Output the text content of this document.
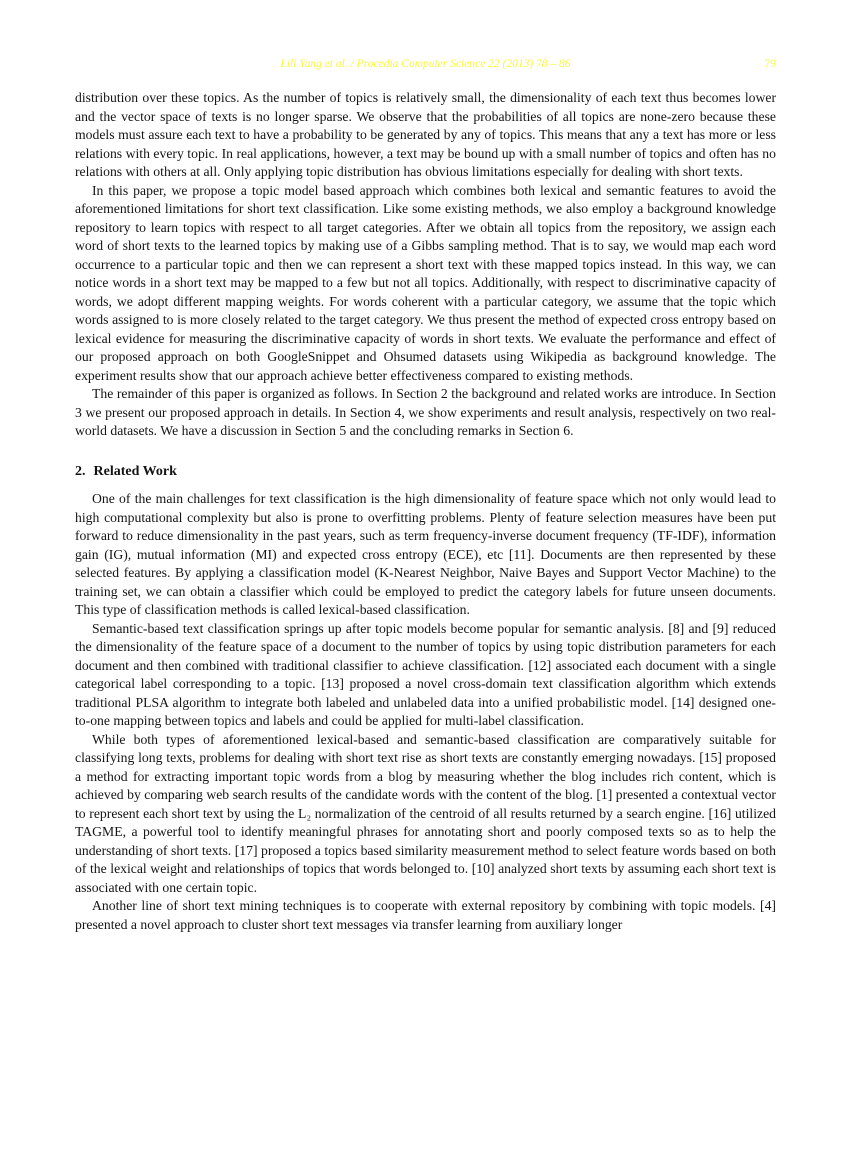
Lili Yang et al. / Procedia Computer Science 22 (2013) 78 – 86	79

distribution over these topics. As the number of topics is relatively small, the dimensionality of each text thus becomes lower and the vector space of texts is no longer sparse. We observe that the probabilities of all topics are none-zero because these models must assure each text to have a probability to be generated by any of topics. This means that any a text has more or less relations with every topic. In real applications, however, a text may be bound up with a small number of topics and often has no relations with others at all. Only applying topic distribution has obvious limitations especially for dealing with short texts.

In this paper, we propose a topic model based approach which combines both lexical and semantic features to avoid the aforementioned limitations for short text classification. Like some existing methods, we also employ a background knowledge repository to learn topics with respect to all target categories. After we obtain all topics from the repository, we assign each word of short texts to the learned topics by making use of a Gibbs sampling method. That is to say, we would map each word occurrence to a particular topic and then we can represent a short text with these mapped topics instead. In this way, we can notice words in a short text may be mapped to a few but not all topics. Additionally, with respect to discriminative capacity of words, we adopt different mapping weights. For words coherent with a particular category, we assume that the topic which words assigned to is more closely related to the target category. We thus present the method of expected cross entropy based on lexical evidence for measuring the discriminative capacity of words in short texts. We evaluate the performance and effect of our proposed approach on both GoogleSnippet and Ohsumed datasets using Wikipedia as background knowledge. The experiment results show that our approach achieve better effectiveness compared to existing methods.

The remainder of this paper is organized as follows. In Section 2 the background and related works are introduce. In Section 3 we present our proposed approach in details. In Section 4, we show experiments and result analysis, respectively on two real-world datasets. We have a discussion in Section 5 and the concluding remarks in Section 6.

2. Related Work

One of the main challenges for text classification is the high dimensionality of feature space which not only would lead to high computational complexity but also is prone to overfitting problems. Plenty of feature selection measures have been put forward to reduce dimensionality in the past years, such as term frequency-inverse document frequency (TF-IDF), information gain (IG), mutual information (MI) and expected cross entropy (ECE), etc [11]. Documents are then represented by these selected features. By applying a classification model (K-Nearest Neighbor, Naive Bayes and Support Vector Machine) to the training set, we can obtain a classifier which could be employed to predict the category labels for future unseen documents. This type of classification methods is called lexical-based classification.

Semantic-based text classification springs up after topic models become popular for semantic analysis. [8] and [9] reduced the dimensionality of the feature space of a document to the number of topics by using topic distribution parameters for each document and then combined with traditional classifier to achieve classification. [12] associated each document with a single categorical label corresponding to a topic. [13] proposed a novel cross-domain text classification algorithm which extends traditional PLSA algorithm to integrate both labeled and unlabeled data into a unified probabilistic model. [14] designed one-to-one mapping between topics and labels and could be applied for multi-label classification.

While both types of aforementioned lexical-based and semantic-based classification are comparatively suitable for classifying long texts, problems for dealing with short text rise as short texts are constantly emerging nowadays. [15] proposed a method for extracting important topic words from a blog by measuring whether the blog includes rich content, which is achieved by comparing web search results of the candidate words with the content of the blog. [1] presented a contextual vector to represent each short text by using the L₂ normalization of the centroid of all results returned by a search engine. [16] utilized TAGME, a powerful tool to identify meaningful phrases for annotating short and poorly composed texts so as to help the understanding of short texts. [17] proposed a topics based similarity measurement method to select feature words based on both of the lexical weight and relationships of topics that words belonged to. [10] analyzed short texts by assuming each short text is associated with one certain topic.

Another line of short text mining techniques is to cooperate with external repository by combining with topic models. [4] presented a novel approach to cluster short text messages via transfer learning from auxiliary longer
